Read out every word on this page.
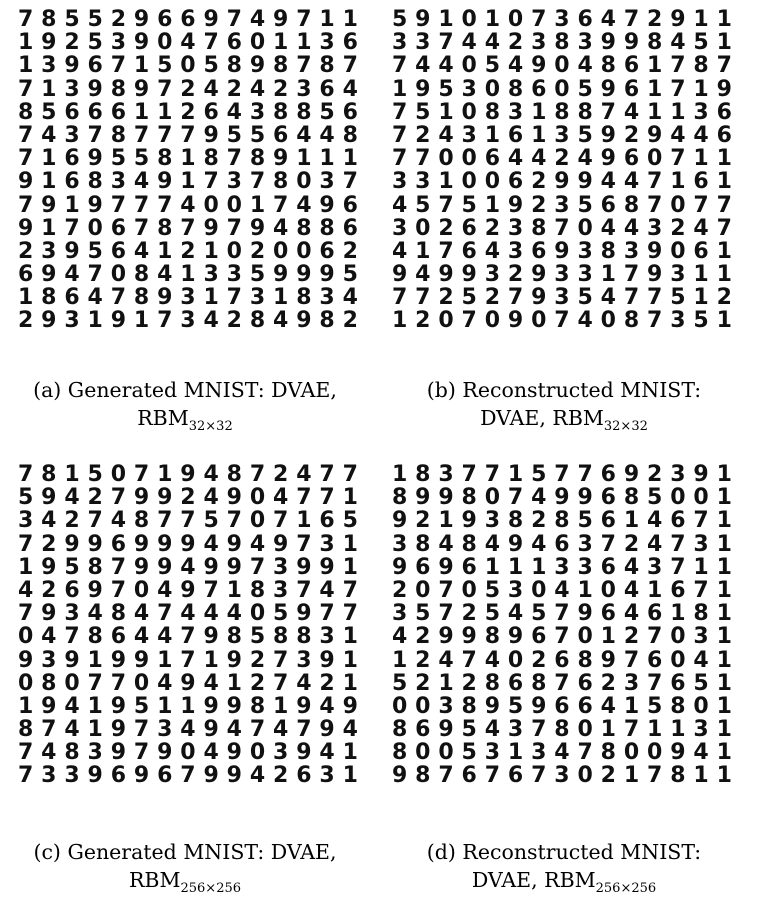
7 8 5 5 2 9 6 6 9 7 4 9 7 1 1
1 9 2 5 3 9 0 4 7 6 0 1 1 3 6
1 3 9 6 7 1 5 0 5 8 9 8 7 8 7
7 1 3 9 8 9 7 2 4 2 4 2 3 6 4
8 5 6 6 6 1 1 2 6 4 3 8 8 5 6
7 4 3 7 8 7 7 7 9 5 5 6 4 4 8
7 1 6 9 5 5 8 1 8 7 8 9 1 1 1
9 1 6 8 3 4 9 1 7 3 7 8 0 3 7
7 9 1 9 7 7 7 4 0 0 1 7 4 9 6
9 1 7 0 6 7 8 7 9 7 9 4 8 8 6
2 3 9 5 6 4 1 2 1 0 2 0 0 6 2
6 9 4 7 0 8 4 1 3 3 5 9 9 9 5
1 8 6 4 7 8 9 3 1 7 3 1 8 3 4
2 9 3 1 9 1 7 3 4 2 8 4 9 8 2
5 9 1 0 1 0 7 3 6 4 7 2 9 1 1
3 3 7 4 4 2 3 8 3 9 9 8 4 5 1
7 4 4 0 5 4 9 0 4 8 6 1 7 8 7
1 9 5 3 0 8 6 0 5 9 6 1 7 1 9
7 5 1 0 8 3 1 8 8 7 4 1 1 3 6
7 2 4 3 1 6 1 3 5 9 2 9 4 4 6
7 7 0 0 6 4 4 2 4 9 6 0 7 1 1
3 3 1 0 0 6 2 9 9 4 4 7 1 6 1
4 5 7 5 1 9 2 3 5 6 8 7 0 7 7
3 0 2 6 2 3 8 7 0 4 4 3 2 4 7
4 1 7 6 4 3 6 9 3 8 3 9 0 6 1
9 4 9 9 3 2 9 3 3 1 7 9 3 1 1
7 7 2 5 2 7 9 3 5 4 7 7 5 1 2
1 2 0 7 0 9 0 7 4 0 8 7 3 5 1
7 8 1 5 0 7 1 9 4 8 7 2 4 7 7
5 9 4 2 7 9 9 2 4 9 0 4 7 7 1
3 4 2 7 4 8 7 7 5 7 0 7 1 6 5
7 2 9 9 6 9 9 9 4 9 4 9 7 3 1
1 9 5 8 7 9 9 4 9 9 7 3 9 9 1
4 2 6 9 7 0 4 9 7 1 8 3 7 4 7
7 9 3 4 8 4 7 4 4 4 0 5 9 7 7
0 4 7 8 6 4 4 7 9 8 5 8 8 3 1
9 3 9 1 9 9 1 7 1 9 2 7 3 9 1
0 8 0 7 7 0 4 9 4 1 2 7 4 2 1
1 9 4 1 9 5 1 1 9 9 8 1 9 4 9
8 7 4 1 9 7 3 4 9 4 7 4 7 9 4
7 4 8 3 9 7 9 0 4 9 0 3 9 4 1
7 3 3 9 6 9 6 7 9 9 4 2 6 3 1
1 8 3 7 7 1 5 7 7 6 9 2 3 9 1
8 9 9 8 0 7 4 9 9 6 8 5 0 0 1
9 2 1 9 3 8 2 8 5 6 1 4 6 7 1
3 8 4 8 4 9 4 6 3 7 2 4 7 3 1
9 6 9 6 1 1 1 3 3 6 4 3 7 1 1
2 0 7 0 5 3 0 4 1 0 4 1 6 7 1
3 5 7 2 5 4 5 7 9 6 4 6 1 8 1
4 2 9 9 8 9 6 7 0 1 2 7 0 3 1
1 2 4 7 4 0 2 6 8 9 7 6 0 4 1
5 2 1 2 8 6 8 7 6 2 3 7 6 5 1
0 0 3 8 9 5 9 6 6 4 1 5 8 0 1
8 6 9 5 4 3 7 8 0 1 7 1 1 3 1
8 0 0 5 3 1 3 4 7 8 0 0 9 4 1
9 8 7 6 7 6 7 3 0 2 1 7 8 1 1
(a) Generated MNIST: DVAE,
$RBM_{32\times 32}$
(b) Reconstructed MNIST:
DVAE, $RBM_{32\times 32}$
(c) Generated MNIST: DVAE,
$RBM_{256\times 256}$
(d) Reconstructed MNIST:
DVAE, $RBM_{256\times 256}$
